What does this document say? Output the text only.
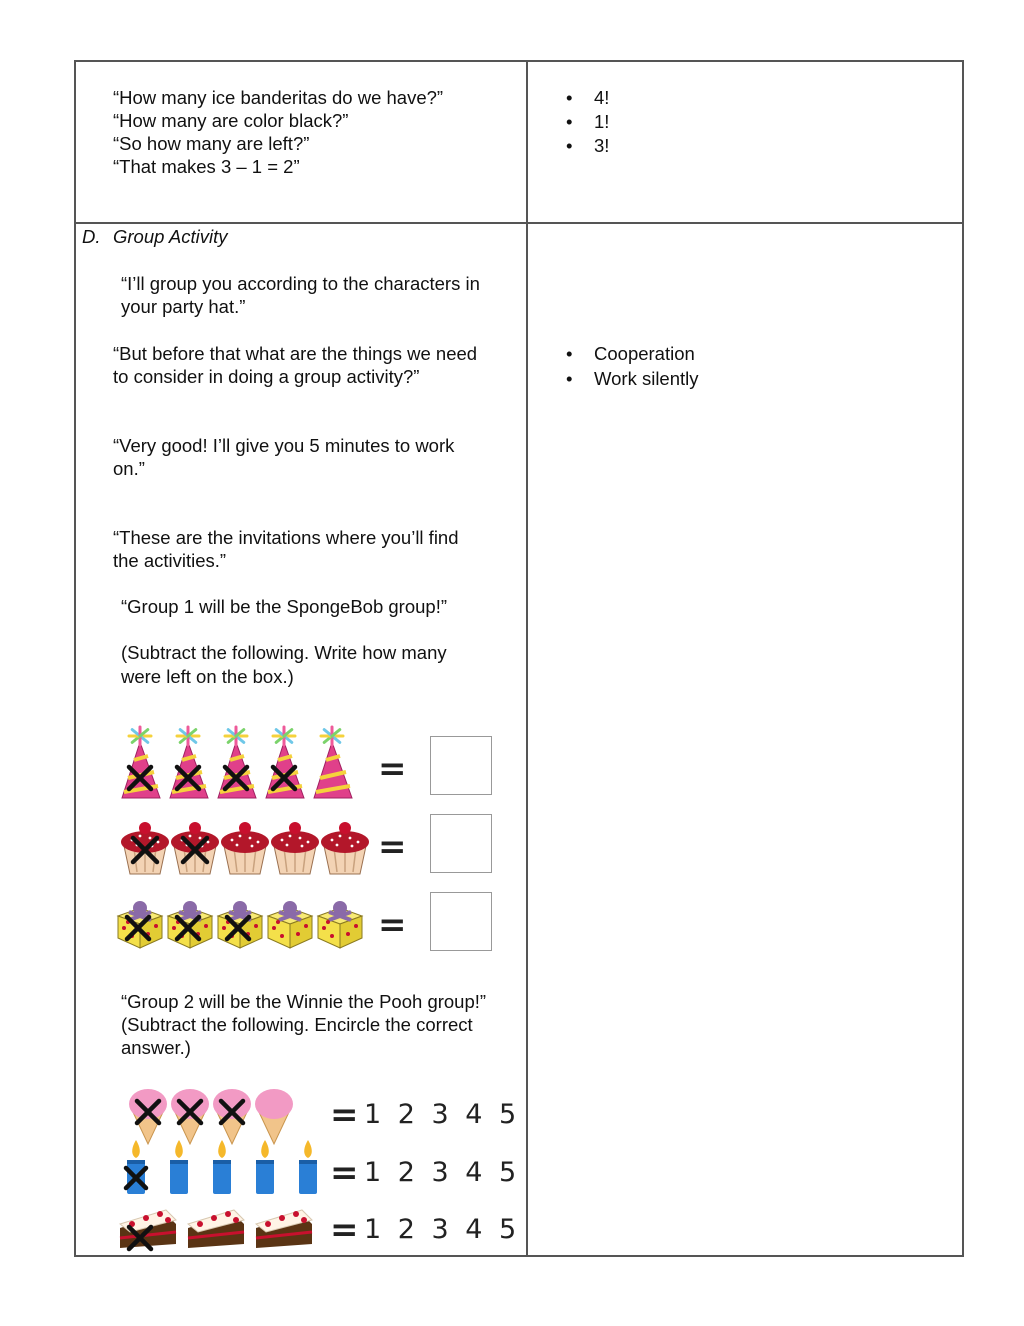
“How many ice banderitas do we have?”
“How many are color black?”
“So how many are left?”
“That makes 3 – 1 = 2”
•	4!
•	1!
•	3!
D. Group Activity
“I’ll group you according to the characters in
your party hat.”
“But before that what are the things we need
to consider in doing a group activity?”
“Very good! I’ll give you 5 minutes to work
on.”
“These are the invitations where you’ll find
the activities.”
“Group 1 will be the SpongeBob group!”
(Subtract the following. Write how many
were left on the box.)
•	Cooperation
•	Work silently
=
=
=
“Group 2 will be the Winnie the Pooh group!”
(Subtract the following. Encircle the correct
answer.)
= 1 2 3 4 5
= 1 2 3 4 5
= 1 2 3 4 5
